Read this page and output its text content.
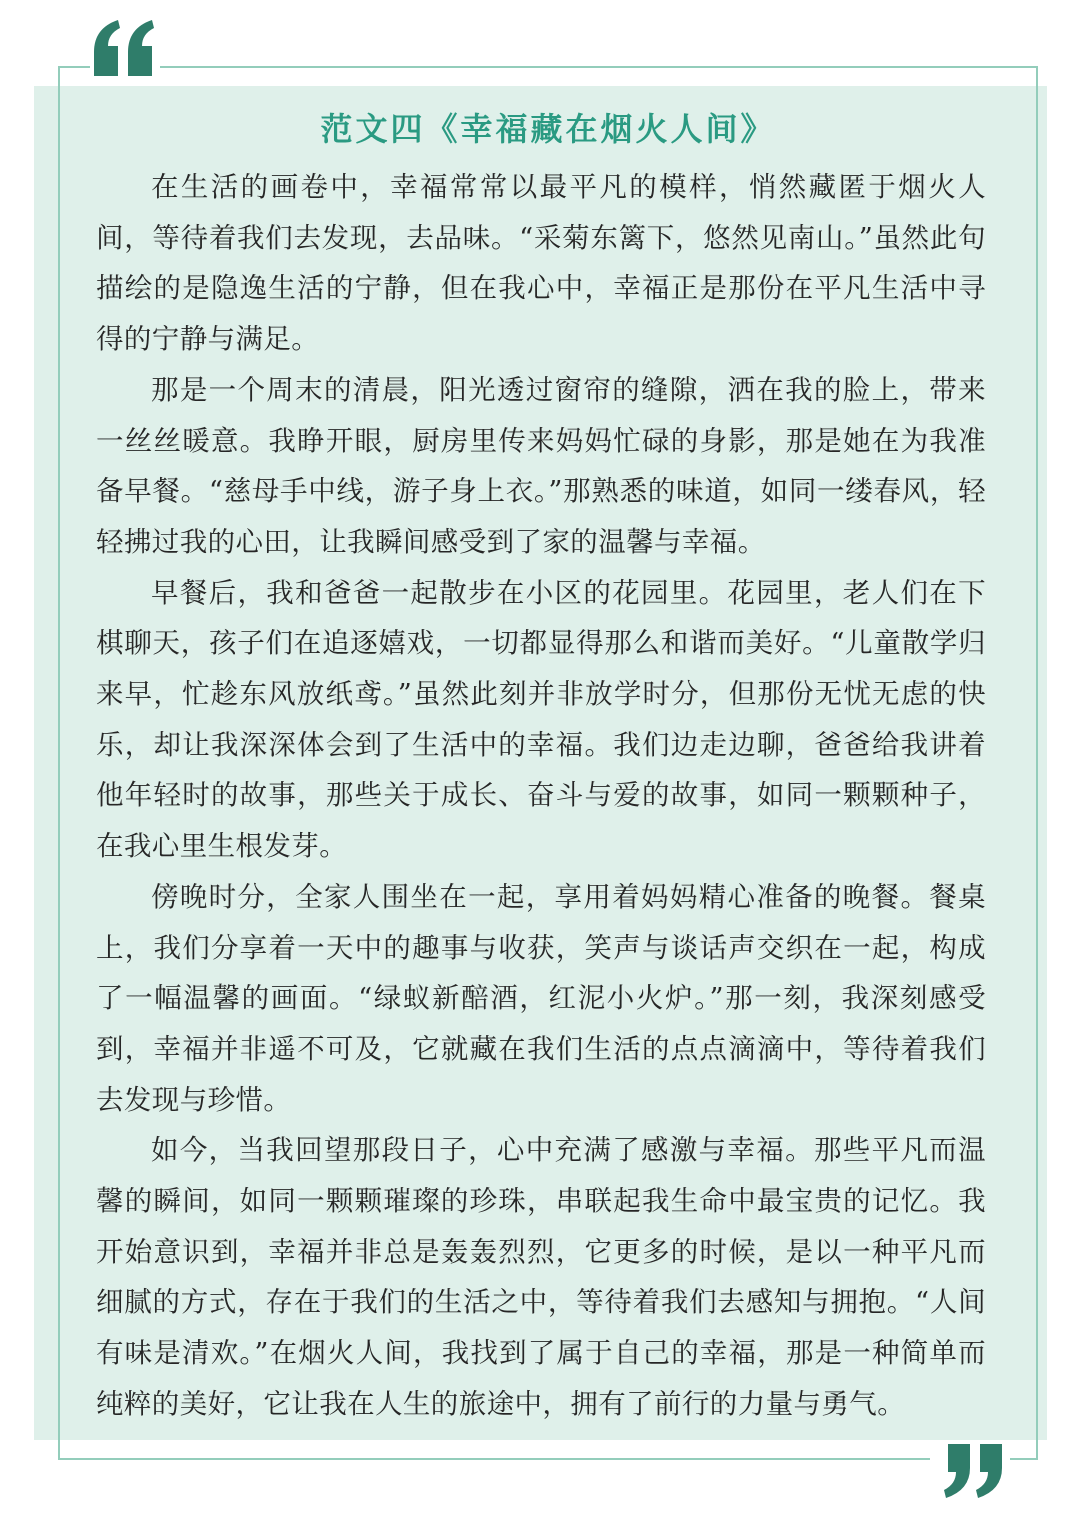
范文四《幸福藏在烟火人间》

在生活的画卷中，幸福常常以最平凡的模样，悄然藏匿于烟火人间，等待着我们去发现，去品味。“采菊东篱下，悠然见南山。”虽然此句描绘的是隐逸生活的宁静，但在我心中，幸福正是那份在平凡生活中寻得的宁静与满足。

那是一个周末的清晨，阳光透过窗帘的缝隙，洒在我的脸上，带来一丝丝暖意。我睁开眼，厨房里传来妈妈忙碌的身影，那是她在为我准备早餐。“慈母手中线，游子身上衣。”那熟悉的味道，如同一缕春风，轻轻拂过我的心田，让我瞬间感受到了家的温馨与幸福。

早餐后，我和爸爸一起散步在小区的花园里。花园里，老人们在下棋聊天，孩子们在追逐嬉戏，一切都显得那么和谐而美好。“儿童散学归来早，忙趁东风放纸鸢。”虽然此刻并非放学时分，但那份无忧无虑的快乐，却让我深深体会到了生活中的幸福。我们边走边聊，爸爸给我讲着他年轻时的故事，那些关于成长、奋斗与爱的故事，如同一颗颗种子，在我心里生根发芽。

傍晚时分，全家人围坐在一起，享用着妈妈精心准备的晚餐。餐桌上，我们分享着一天中的趣事与收获，笑声与谈话声交织在一起，构成了一幅温馨的画面。“绿蚁新醅酒，红泥小火炉。”那一刻，我深刻感受到，幸福并非遥不可及，它就藏在我们生活的点点滴滴中，等待着我们去发现与珍惜。

如今，当我回望那段日子，心中充满了感激与幸福。那些平凡而温馨的瞬间，如同一颗颗璀璨的珍珠，串联起我生命中最宝贵的记忆。我开始意识到，幸福并非总是轰轰烈烈，它更多的时候，是以一种平凡而细腻的方式，存在于我们的生活之中，等待着我们去感知与拥抱。“人间有味是清欢。”在烟火人间，我找到了属于自己的幸福，那是一种简单而纯粹的美好，它让我在人生的旅途中，拥有了前行的力量与勇气。
